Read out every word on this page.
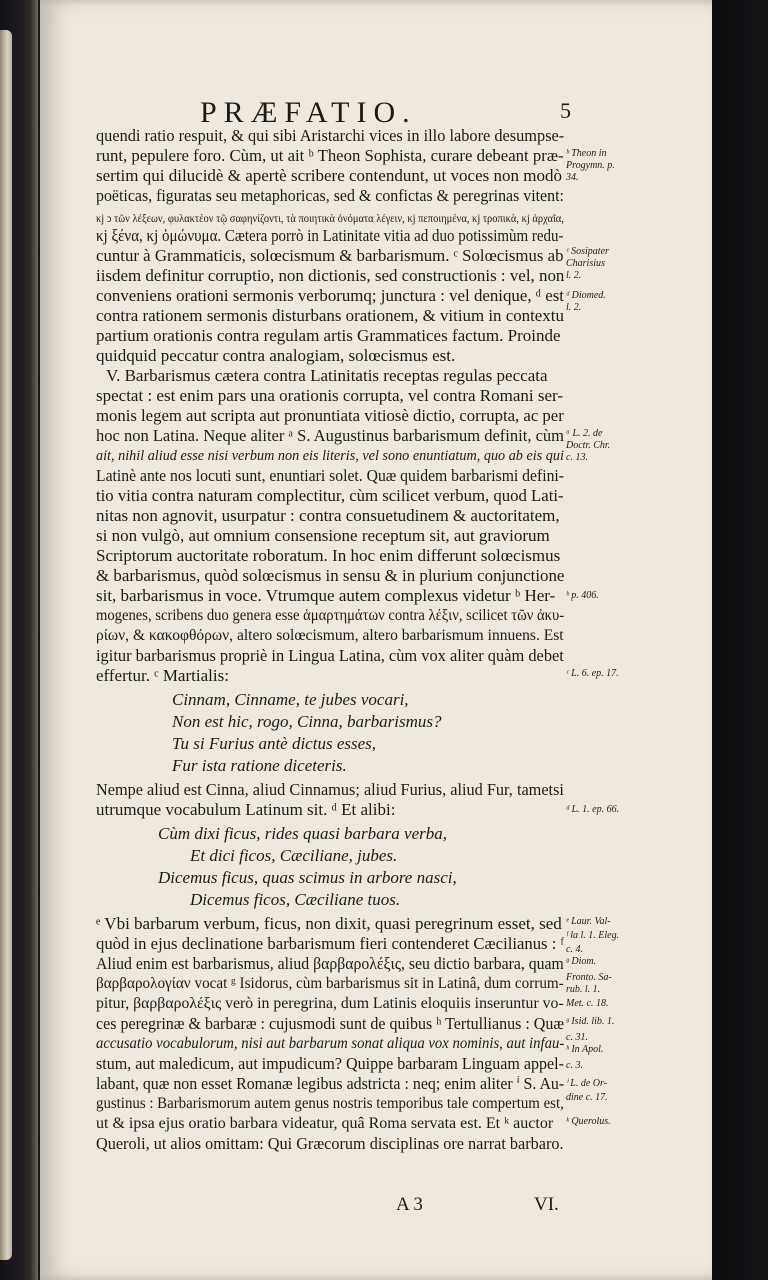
PRÆFATIO.	5
quendi ratio respuit, & qui sibi Aristarchi vices in illo labore desumpse-
runt, pepulere foro. Cùm, ut ait ᵇ Theon Sophista, curare debeant præ-
sertim qui dilucidè & apertè scribere contendunt, ut voces non modò
poëticas, figuratas seu metaphoricas, sed & confictas & peregrinas vitent:
κϳ ͻ τῶν λέξεων, φυλακτέον τῷ σαφηνίζοντι, τὰ ποιητικὰ ὀνόματα λέγειν, κϳ πεποιημένα, κϳ τροπικὰ, κϳ ἀρχαῖα,
κϳ ξένα, κϳ ὁμώνυμα. Cætera porrò in Latinitate vitia ad duo potissimùm redu-
cuntur à Grammaticis, solœcismum & barbarismum. ᶜ Solœcismus ab
iisdem definitur corruptio, non dictionis, sed constructionis : vel, non
conveniens orationi sermonis verborumq; junctura : vel denique, ᵈ est
contra rationem sermonis disturbans orationem, & vitium in contextu
partium orationis contra regulam artis Grammatices factum. Proinde
quidquid peccatur contra analogiam, solœcismus est.
V. Barbarismus cætera contra Latinitatis receptas regulas peccata
spectat : est enim pars una orationis corrupta, vel contra Romani ser-
monis legem aut scripta aut pronuntiata vitiosè dictio, corrupta, ac per
hoc non Latina. Neque aliter ᵃ S. Augustinus barbarismum definit, cùm
ait, nihil aliud esse nisi verbum non eis literis, vel sono enuntiatum, quo ab eis qui
Latinè ante nos locuti sunt, enuntiari solet. Quæ quidem barbarismi defini-
tio vitia contra naturam complectitur, cùm scilicet verbum, quod Lati-
nitas non agnovit, usurpatur : contra consuetudinem & auctoritatem,
si non vulgò, aut omnium consensione receptum sit, aut graviorum
Scriptorum auctoritate roboratum. In hoc enim differunt solœcismus
& barbarismus, quòd solœcismus in sensu & in plurium conjunctione
sit, barbarismus in voce. Vtrumque autem complexus videtur ᵇ Her-
mogenes, scribens duo genera esse ἁμαρτημάτων contra λέξιν, scilicet τῶν ἀκυ-
ρίων, & κακοφθόρων, altero solœcismum, altero barbarismum innuens. Est
igitur barbarismus propriè in Lingua Latina, cùm vox aliter quàm debet
effertur. ᶜ Martialis:
Cinnam, Cinname, te jubes vocari,
Non est hic, rogo, Cinna, barbarismus?
Tu si Furius antè dictus esses,
Fur ista ratione diceteris.
Nempe aliud est Cinna, aliud Cinnamus; aliud Furius, aliud Fur, tametsi
utrumque vocabulum Latinum sit. ᵈ Et alibi:
Cùm dixi ficus, rides quasi barbara verba,
Et dici ficos, Cæciliane, jubes.
Dicemus ficus, quas scimus in arbore nasci,
Dicemus ficos, Cæciliane tuos.
ᵉ Vbi barbarum verbum, ficus, non dixit, quasi peregrinum esset, sed
quòd in ejus declinatione barbarismum fieri contenderet Cæcilianus : ᶠ
Aliud enim est barbarismus, aliud βαρβαρολέξις, seu dictio barbara, quam
βαρβαρολογίαν vocat ᵍ Isidorus, cùm barbarismus sit in Latinâ, dum corrum-
pitur, βαρβαρολέξις verò in peregrina, dum Latinis eloquiis inseruntur vo-
ces peregrinæ & barbaræ : cujusmodi sunt de quibus ʰ Tertullianus : Quæ
accusatio vocabulorum, nisi aut barbarum sonat aliqua vox nominis, aut infau-
stum, aut maledicum, aut impudicum? Quippe barbaram Linguam appel-
labant, quæ non esset Romanæ legibus adstricta : neq; enim aliter ⁱ S. Au-
gustinus : Barbarismorum autem genus nostris temporibus tale compertum est,
ut & ipsa ejus oratio barbara videatur, quâ Roma servata est. Et ᵏ auctor
Queroli, ut alios omittam: Qui Græcorum disciplinas ore narrat barbaro.
ᵇ Theon in
Progymn. p.
34.
ᶜ Sosipater
Charisius
l. 2.
ᵈ Diomed.
l. 2.
ᵃ L. 2. de
Doctr. Chr.
c. 13.
ᵇ p. 406.
ᶜ L. 6. ep. 17.
ᵈ L. 1. ep. 66.
ᵉ Laur. Val-
ᶠ la l. 1. Eleg.
c. 4.
ᵍ Diom.
Fronto. Sa-
rub. l. 1.
Met. c. 18.
ᵍ Isid. lib. 1.
c. 31.
ʰ In Apol.
c. 3.
ⁱ L. de Or-
dine c. 17.
ᵏ Querolus.
A 3	VI.
